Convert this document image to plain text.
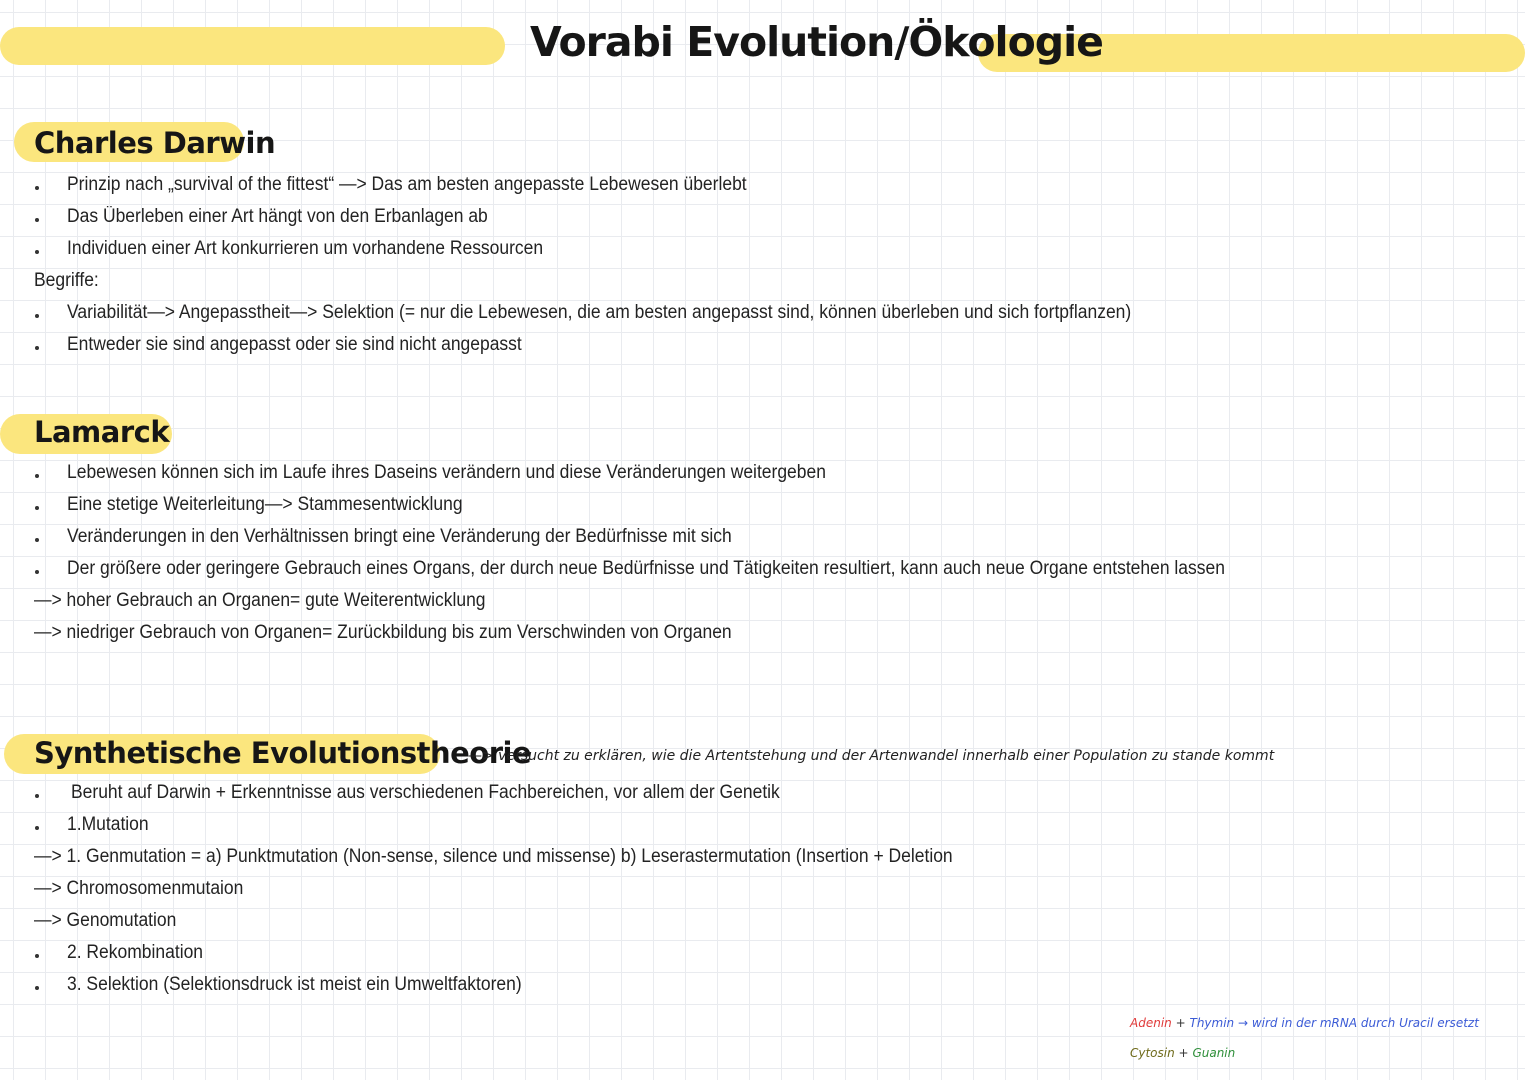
Vorabi Evolution/Ökologie
Charles Darwin
Prinzip nach „survival of the fittest“ —> Das am besten angepasste Lebewesen überlebt
Das Überleben einer Art hängt von den Erbanlagen ab
Individuen einer Art konkurrieren um vorhandene Ressourcen
Begriffe:
Variabilität—> Angepasstheit—> Selektion (= nur die Lebewesen, die am besten angepasst sind, können überleben und sich fortpflanzen)
Entweder sie sind angepasst oder sie sind nicht angepasst
Lamarck
Lebewesen können sich im Laufe ihres Daseins verändern und diese Veränderungen weitergeben
Eine stetige Weiterleitung—> Stammesentwicklung
Veränderungen in den Verhältnissen bringt eine Veränderung der Bedürfnisse mit sich
Der größere oder geringere Gebrauch eines Organs, der durch neue Bedürfnisse und Tätigkeiten resultiert, kann auch neue Organe entstehen lassen
—> hoher Gebrauch an Organen= gute Weiterentwicklung
—> niedriger Gebrauch von Organen= Zurückbildung bis zum Verschwinden von Organen
Synthetische Evolutionstheorie
—> versucht zu erklären, wie die Artentstehung und der Artenwandel innerhalb einer Population zu stande kommt
Beruht auf Darwin + Erkenntnisse aus verschiedenen Fachbereichen, vor allem der Genetik
1.Mutation
—> 1. Genmutation = a) Punktmutation (Non-sense, silence und missense) b) Leserastermutation (Insertion + Deletion
—> Chromosomenmutaion
—> Genomutation
2. Rekombination
3. Selektion (Selektionsdruck ist meist ein Umweltfaktoren)
Adenin + Thymin → wird in der mRNA durch Uracil ersetzt
Cytosin + Guanin
